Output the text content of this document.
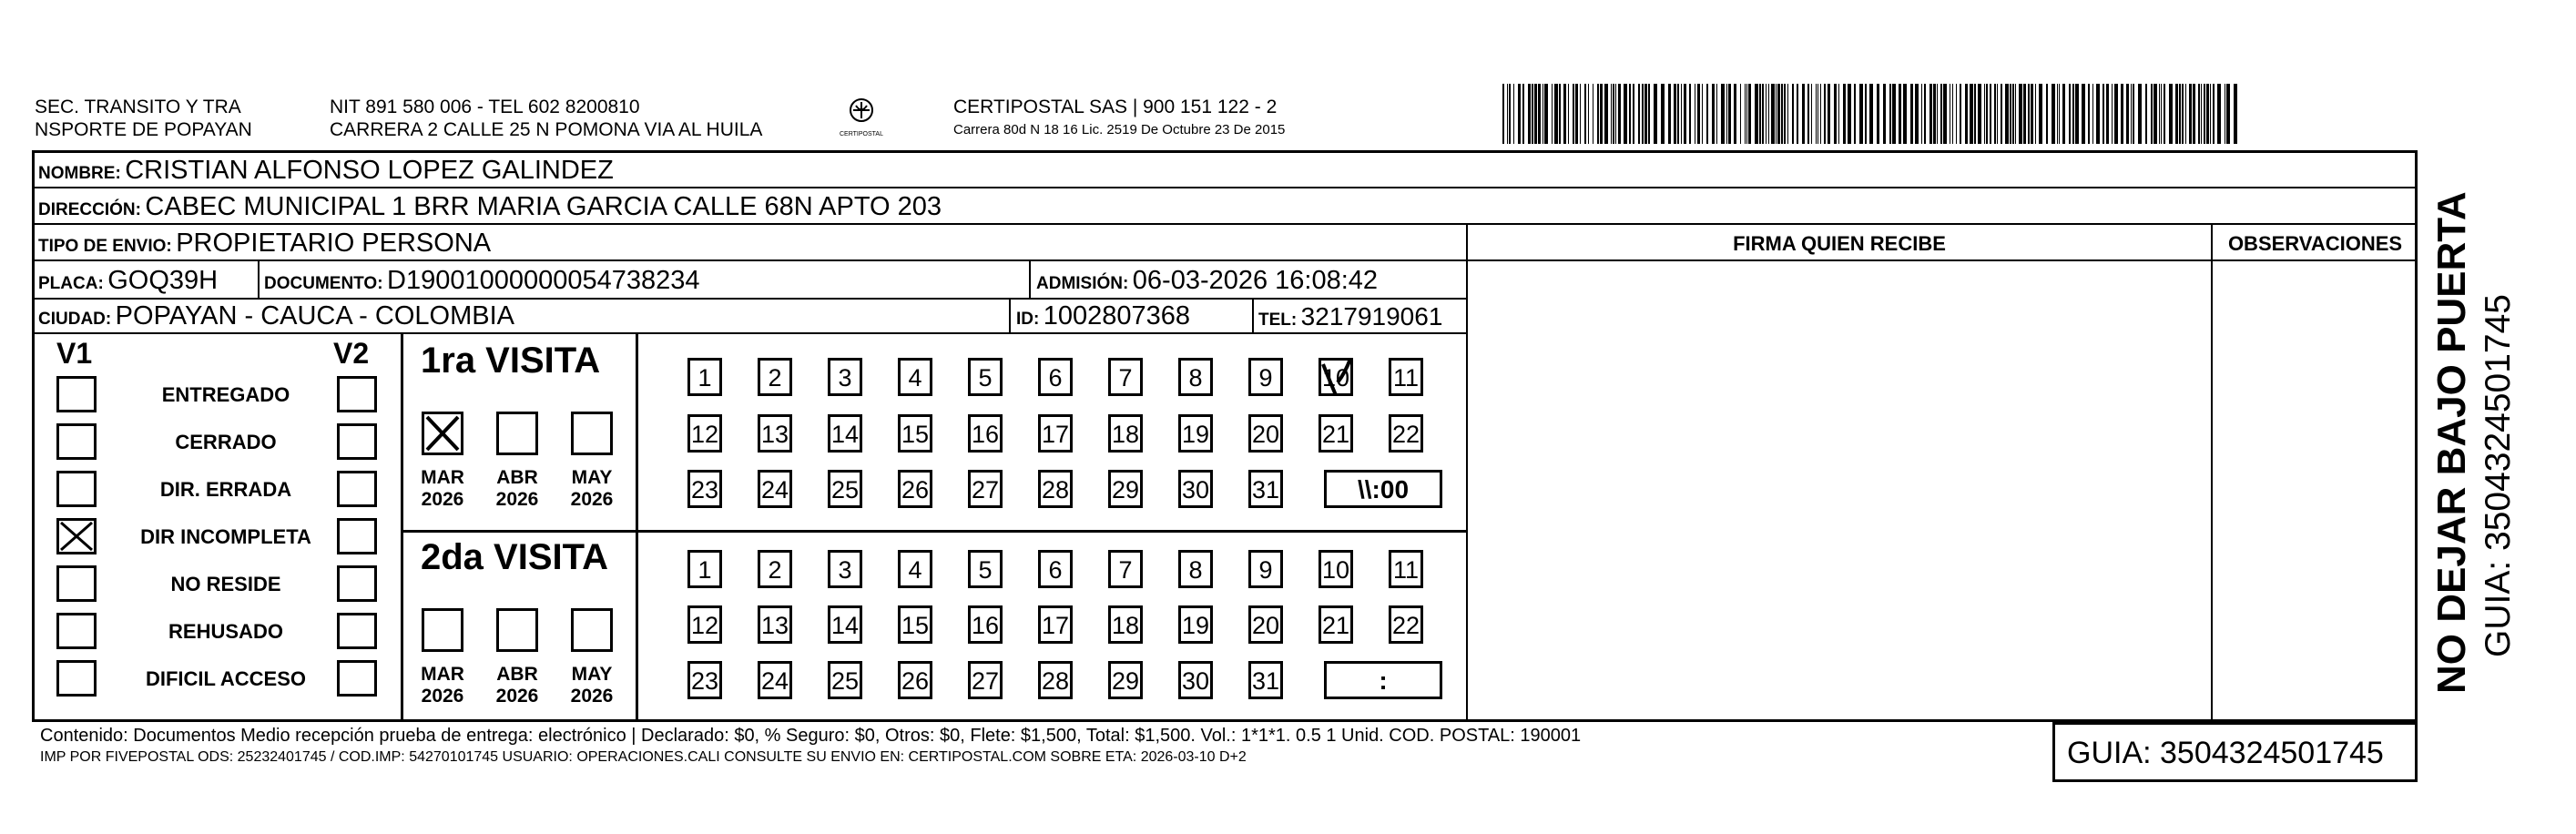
SEC. TRANSITO Y TRA
NSPORTE DE POPAYAN
NIT 891 580 006 - TEL 602 8200810
CARRERA 2 CALLE 25 N POMONA VIA AL HUILA	CERTIPOSTAL
CERTIPOSTAL SAS | 900 151 122 - 2
Carrera 80d N 18 16 Lic. 2519 De Octubre 23 De 2015
NOMBRE: CRISTIAN ALFONSO LOPEZ GALINDEZ
DIRECCIÓN: CABEC MUNICIPAL 1 BRR MARIA GARCIA CALLE 68N APTO 203
TIPO DE ENVIO: PROPIETARIO PERSONA
PLACA: GOQ39H	DOCUMENTO: D19001000000054738234	ADMISIÓN: 06-03-2026 16:08:42
CIUDAD: POPAYAN - CAUCA - COLOMBIA	ID: 1002807368	TEL: 3217919061
FIRMA QUIEN RECIBE	OBSERVACIONES
V1	V2
ENTREGADO
CERRADO
DIR. ERRADA
DIR INCOMPLETA
NO RESIDE
REHUSADO
DIFICIL ACCESO
1ra VISITA
2da VISITA
MAR
2026
ABR
2026
MAY
2026
MAR
2026
ABR
2026
MAY
2026
1	2	3	4	5	6	7	8	9	10 11
12 13 14 15 16 17 18 19 20 21 22
23 24 25 26 27 28 29 30 31	\\:00
1	2	3	4	5	6	7	8	9	10 11
12 13 14 15 16 17 18 19 20 21 22
23 24 25 26 27 28 29 30 31	:
Contenido: Documentos Medio recepción prueba de entrega: electrónico | Declarado: $0, % Seguro: $0, Otros: $0, Flete: $1,500, Total: $1,500. Vol.: 1*1*1. 0.5 1 Unid. COD. POSTAL: 190001
IMP POR FIVEPOSTAL ODS: 25232401745 / COD.IMP: 54270101745 USUARIO: OPERACIONES.CALI CONSULTE SU ENVIO EN: CERTIPOSTAL.COM SOBRE ETA: 2026-03-10 D+2	GUIA: 3504324501745
NO DEJAR BAJO PUERTA GUIA: 3504324501745
